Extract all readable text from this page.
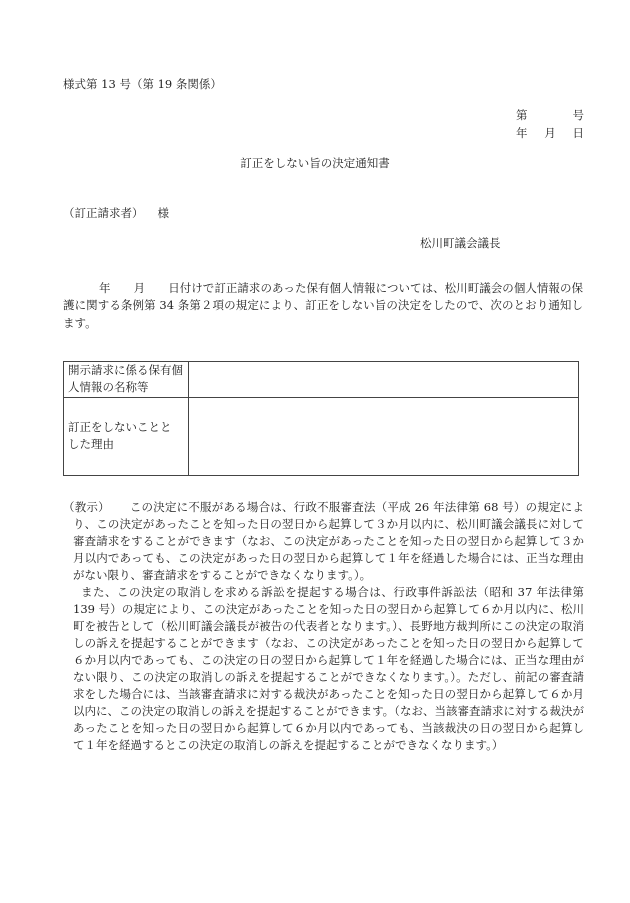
様式第 13 号（第 19 条関係）
第	号
年 月 日
訂正をしない旨の決定通知書
（訂正請求者） 様
松川町議会議長
年　　月　　日付けで訂正請求のあった保有個人情報については、松川町議会の個人情報の保護に関する条例第 34 条第２項の規定により、訂正をしない旨の決定をしたので、次のとおり通知します。
開示請求に係る保有個人情報の名称等	
訂正をしないことと した理由	

（教示） この決定に不服がある場合は、行政不服審査法（平成 26 年法律第 68 号）の規定により、この決定があったことを知った日の翌日から起算して３か月以内に、松川町議会議長に対して審査請求をすることができます（なお、この決定があったことを知った日の翌日から起算して３か月以内であっても、この決定があった日の翌日から起算して１年を経過した場合には、正当な理由がない限り、審査請求をすることができなくなります。）。

また、この決定の取消しを求める訴訟を提起する場合は、行政事件訴訟法（昭和 37 年法律第 139 号）の規定により、この決定があったことを知った日の翌日から起算して６か月以内に、松川町を被告として（松川町議会議長が被告の代表者となります。）、長野地方裁判所にこの決定の取消しの訴えを提起することができます（なお、この決定があったことを知った日の翌日から起算して６か月以内であっても、この決定の日の翌日から起算して１年を経過した場合には、正当な理由がない限り、この決定の取消しの訴えを提起することができなくなります。）。ただし、前記の審査請求をした場合には、当該審査請求に対する裁決があったことを知った日の翌日から起算して６か月以内に、この決定の取消しの訴えを提起することができます。（なお、当該審査請求に対する裁決があったことを知った日の翌日から起算して６か月以内であっても、当該裁決の日の翌日から起算して１年を経過するとこの決定の取消しの訴えを提起することができなくなります。）
